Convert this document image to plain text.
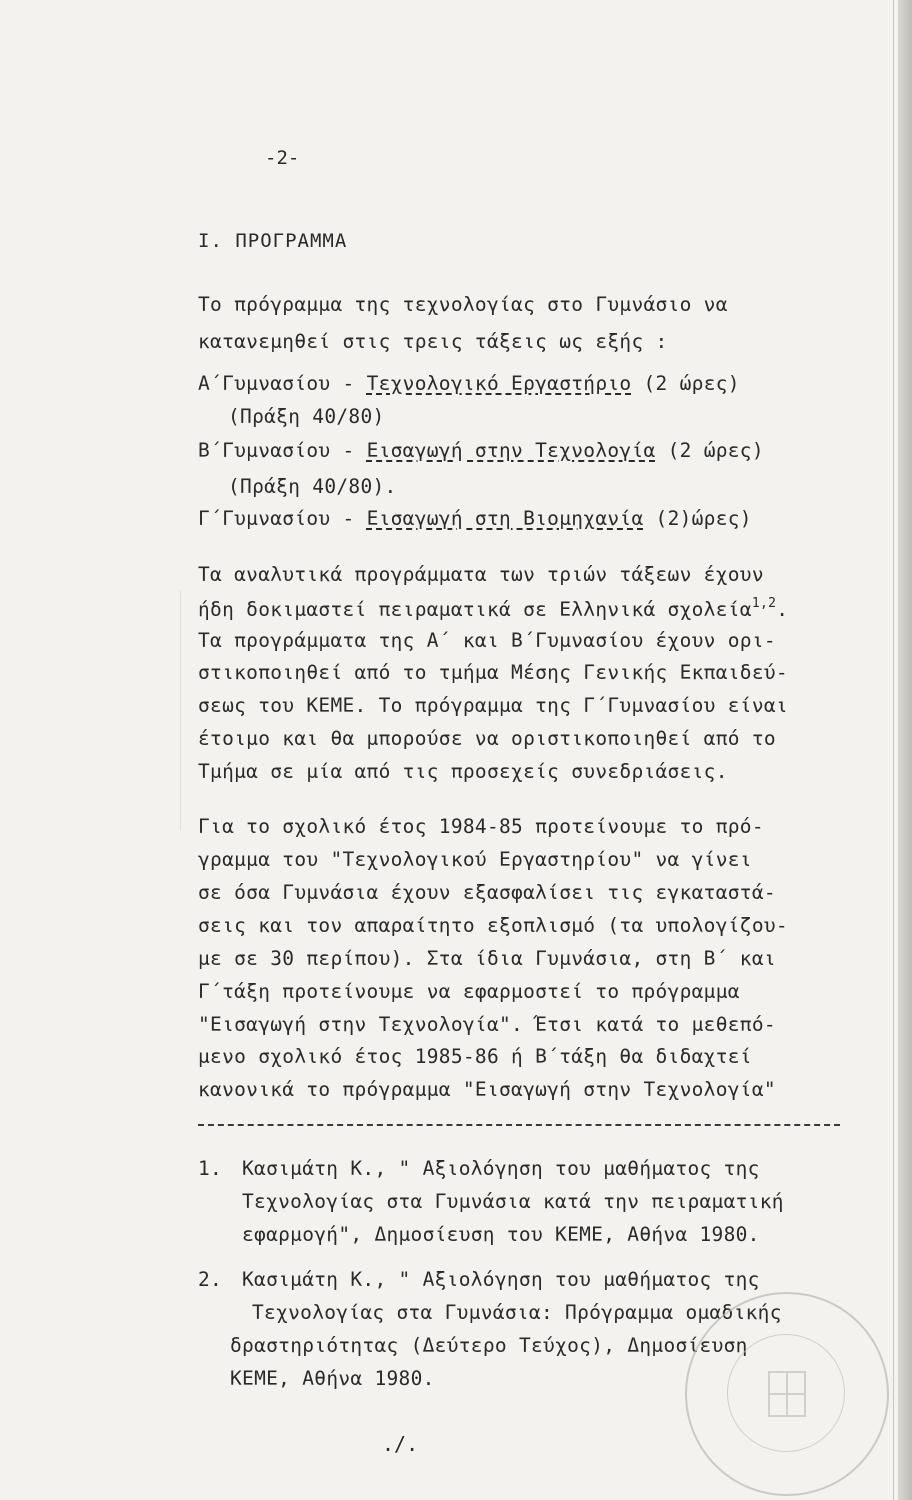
-2-
I. ΠΡΟΓΡΑΜΜΑ
Το πρόγραμμα της τεχνολογίας στο Γυμνάσιο να
κατανεμηθεί στις τρεις τάξεις ως εξής :
Α΄Γυμνασίου - Τεχνολογικό Εργαστήριο (2 ώρες)
(Πράξη 40/80)
Β΄Γυμνασίου - Εισαγωγή στην Τεχνολογία (2 ώρες)
(Πράξη 40/80).
Γ΄Γυμνασίου - Εισαγωγή στη Βιομηχανία (2)ώρες)
Τα αναλυτικά προγράμματα των τριών τάξεων έχουν
ήδη δοκιμαστεί πειραματικά σε Ελληνικά σχολεία$^{1,2}$.
Τα προγράμματα της Α΄ και Β΄Γυμνασίου έχουν ορι-
στικοποιηθεί από το τμήμα Μέσης Γενικής Εκπαιδεύ-
σεως του ΚΕΜΕ. Το πρόγραμμα της Γ΄Γυμνασίου είναι
έτοιμο και θα μπορούσε να οριστικοποιηθεί από το
Τμήμα σε μία από τις προσεχείς συνεδριάσεις.
Για το σχολικό έτος 1984-85 προτείνουμε το πρό-
γραμμα του "Τεχνολογικού Εργαστηρίου" να γίνει
σε όσα Γυμνάσια έχουν εξασφαλίσει τις εγκαταστά-
σεις και τον απαραίτητο εξοπλισμό (τα υπολογίζου-
με σε 30 περίπου). Στα ίδια Γυμνάσια, στη Β΄ και
Γ΄τάξη προτείνουμε να εφαρμοστεί το πρόγραμμα
"Εισαγωγή στην Τεχνολογία". Έτσι κατά το μεθεπό-
μενο σχολικό έτος 1985-86 ή Β΄τάξη θα διδαχτεί
κανονικά το πρόγραμμα "Εισαγωγή στην Τεχνολογία"
1. Κασιμάτη Κ., " Αξιολόγηση του μαθήματος της
Τεχνολογίας στα Γυμνάσια κατά την πειραματική
εφαρμογή", Δημοσίευση του ΚΕΜΕ, Αθήνα 1980.
2. Κασιμάτη Κ., " Αξιολόγηση του μαθήματος της
Τεχνολογίας στα Γυμνάσια: Πρόγραμμα ομαδικής
δραστηριότητας (Δεύτερο Τεύχος), Δημοσίευση
ΚΕΜΕ, Αθήνα 1980.
./.
